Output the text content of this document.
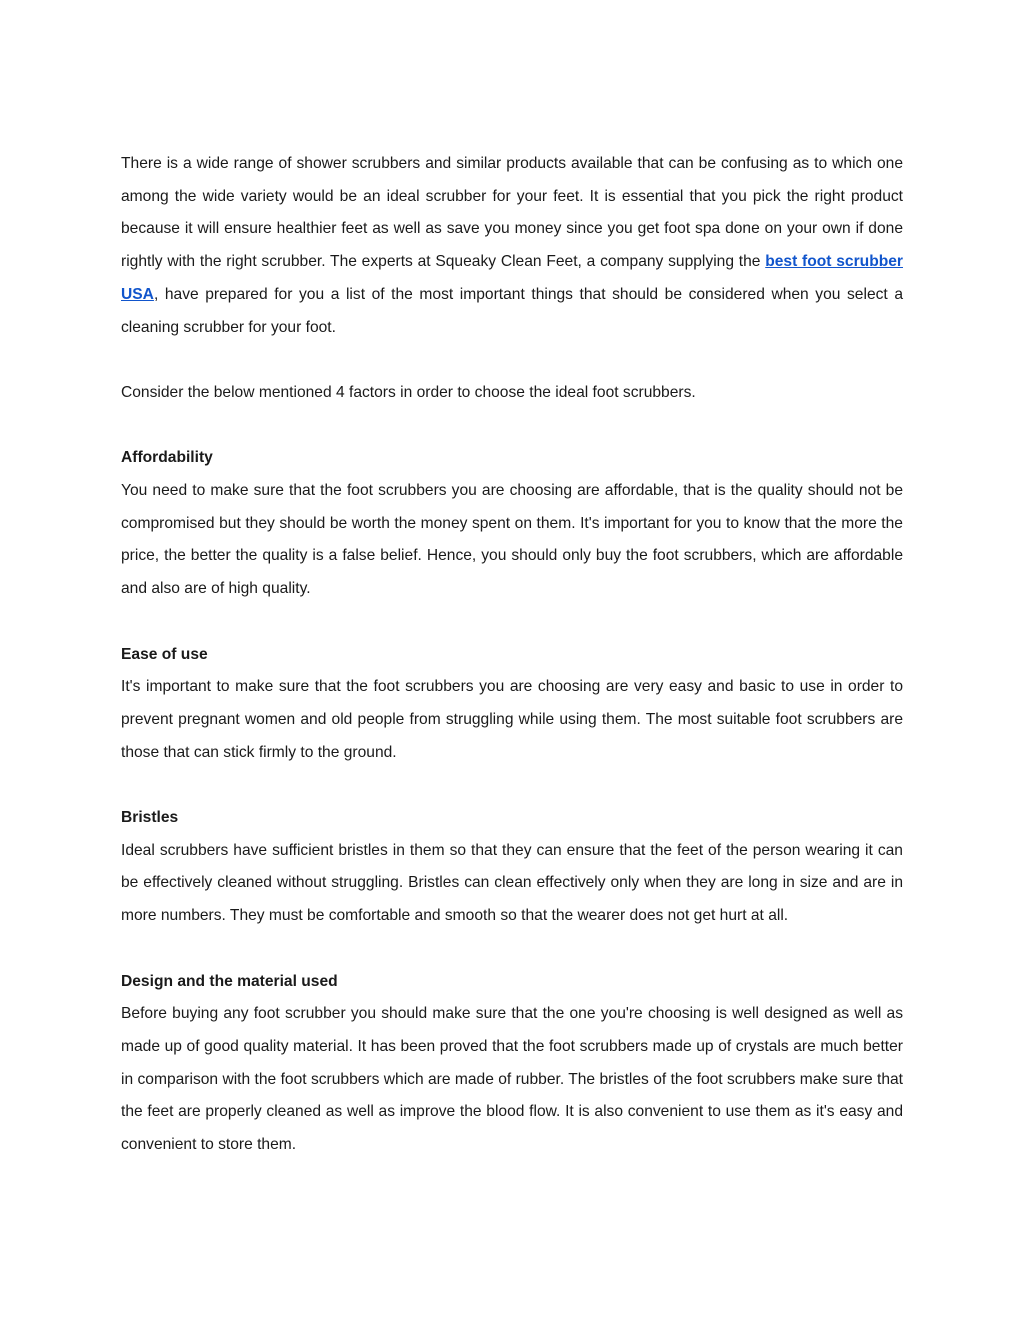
There is a wide range of shower scrubbers and similar products available that can be confusing as to which one among the wide variety would be an ideal scrubber for your feet. It is essential that you pick the right product because it will ensure healthier feet as well as save you money since you get foot spa done on your own if done rightly with the right scrubber. The experts at Squeaky Clean Feet, a company supplying the best foot scrubber USA, have prepared for you a list of the most important things that should be considered when you select a cleaning scrubber for your foot.

Consider the below mentioned 4 factors in order to choose the ideal foot scrubbers.

Affordability

You need to make sure that the foot scrubbers you are choosing are affordable, that is the quality should not be compromised but they should be worth the money spent on them. It's important for you to know that the more the price, the better the quality is a false belief. Hence, you should only buy the foot scrubbers, which are affordable and also are of high quality.

Ease of use

It's important to make sure that the foot scrubbers you are choosing are very easy and basic to use in order to prevent pregnant women and old people from struggling while using them. The most suitable foot scrubbers are those that can stick firmly to the ground.

Bristles

Ideal scrubbers have sufficient bristles in them so that they can ensure that the feet of the person wearing it can be effectively cleaned without struggling. Bristles can clean effectively only when they are long in size and are in more numbers. They must be comfortable and smooth so that the wearer does not get hurt at all.

Design and the material used

Before buying any foot scrubber you should make sure that the one you're choosing is well designed as well as made up of good quality material. It has been proved that the foot scrubbers made up of crystals are much better in comparison with the foot scrubbers which are made of rubber. The bristles of the foot scrubbers make sure that the feet are properly cleaned as well as improve the blood flow. It is also convenient to use them as it's easy and convenient to store them.
